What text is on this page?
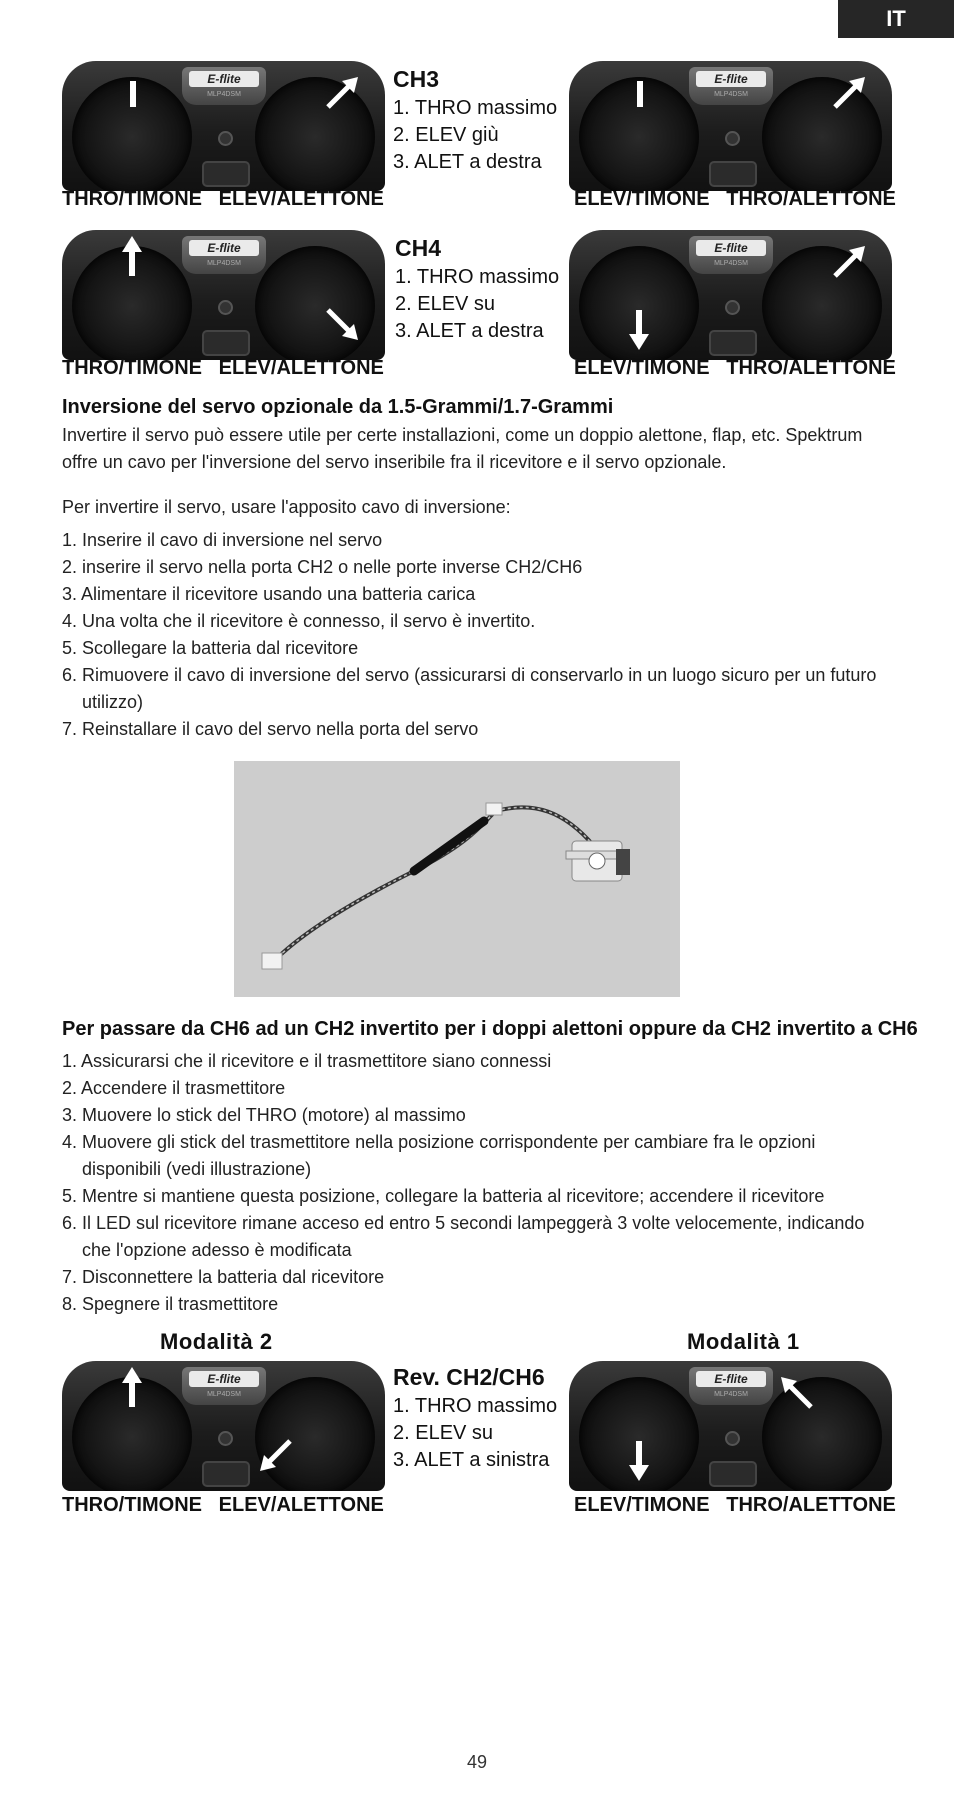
IT
E-flite
MLP4DSM
CH3
1. THRO massimo
2. ELEV giù
3. ALET a destra
E-flite
MLP4DSM
THRO/TIMONE   ELEV/ALETTONE	ELEV/TIMONE   THRO/ALETTONE
E-flite
MLP4DSM
CH4
1. THRO massimo
2. ELEV su
3. ALET a destra
E-flite
MLP4DSM
THRO/TIMONE   ELEV/ALETTONE	ELEV/TIMONE   THRO/ALETTONE
Inversione del servo opzionale da 1.5-Grammi/1.7-Grammi
Invertire il servo può essere utile per certe installazioni, come un doppio alettone, flap, etc. Spektrum offre un cavo per l'inversione del servo inseribile fra il ricevitore e il servo opzionale.
Per invertire il servo, usare l'apposito cavo di inversione:
1. Inserire il cavo di inversione nel servo
2. inserire il servo nella porta CH2 o nelle porte inverse CH2/CH6
3. Alimentare il ricevitore usando una batteria carica
4. Una volta che il ricevitore è connesso, il servo è invertito.
5. Scollegare la batteria dal ricevitore
6. Rimuovere il cavo di inversione del servo (assicurarsi di conservarlo in un luogo sicuro per un futuro utilizzo)
7. Reinstallare il cavo del servo nella porta del servo
Per passare da CH6 ad un CH2 invertito per i doppi alettoni oppure da CH2 invertito a CH6
1. Assicurarsi che il ricevitore e il trasmettitore siano connessi
2. Accendere il trasmettitore
3. Muovere lo stick del THRO (motore) al massimo
4. Muovere gli stick del trasmettitore nella posizione corrispondente per cambiare fra le opzioni disponibili (vedi illustrazione)
5. Mentre si mantiene questa posizione, collegare la batteria al ricevitore; accendere il ricevitore
6. Il LED sul ricevitore rimane acceso ed entro 5 secondi lampeggerà 3 volte velocemente, indicando che l'opzione adesso è modificata
7. Disconnettere la batteria dal ricevitore
8. Spegnere il trasmettitore
Modalità 2	Modalità 1
E-flite
MLP4DSM
Rev. CH2/CH6
1. THRO massimo
2. ELEV su
3. ALET a sinistra
E-flite
MLP4DSM
THRO/TIMONE   ELEV/ALETTONE	ELEV/TIMONE   THRO/ALETTONE
49
